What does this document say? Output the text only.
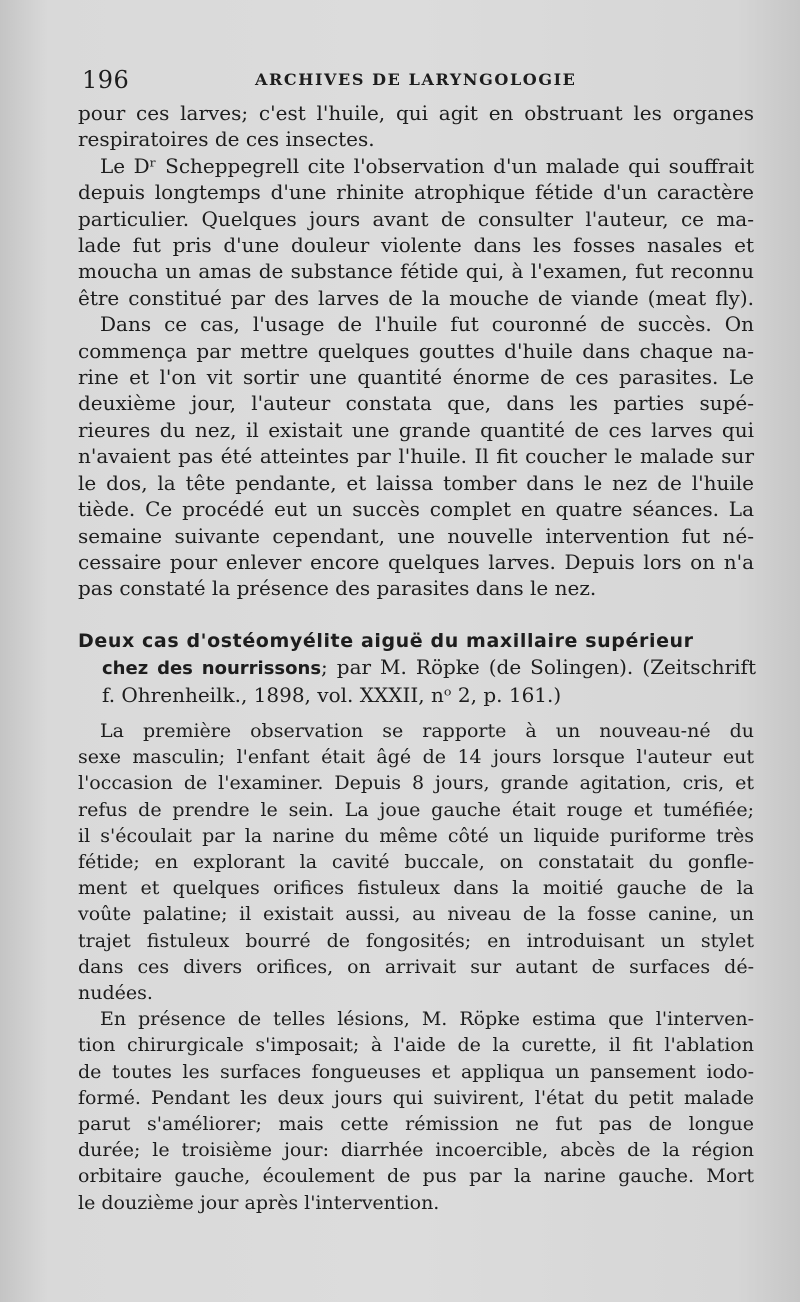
196	ARCHIVES DE LARYNGOLOGIE

pour ces larves; c'est l'huile, qui agit en obstruant les organes

respiratoires de ces insectes.

Le Dʳ Scheppegrell cite l'observation d'un malade qui souffrait

depuis longtemps d'une rhinite atrophique fétide d'un caractère

particulier. Quelques jours avant de consulter l'auteur, ce ma-

lade fut pris d'une douleur violente dans les fosses nasales et

moucha un amas de substance fétide qui, à l'examen, fut reconnu

être constitué par des larves de la mouche de viande (meat fly).

Dans ce cas, l'usage de l'huile fut couronné de succès. On

commença par mettre quelques gouttes d'huile dans chaque na-

rine et l'on vit sortir une quantité énorme de ces parasites. Le

deuxième jour, l'auteur constata que, dans les parties supé-

rieures du nez, il existait une grande quantité de ces larves qui

n'avaient pas été atteintes par l'huile. Il fit coucher le malade sur

le dos, la tête pendante, et laissa tomber dans le nez de l'huile

tiède. Ce procédé eut un succès complet en quatre séances. La

semaine suivante cependant, une nouvelle intervention fut né-

cessaire pour enlever encore quelques larves. Depuis lors on n'a

pas constaté la présence des parasites dans le nez.

Deux cas d'ostéomyélite aiguë du maxillaire supérieur

chez des nourrissons; par M. Röpke (de Solingen). (Zeitschrift

f. Ohrenheilk., 1898, vol. XXXII, nᵒ 2, p. 161.)

La première observation se rapporte à un nouveau-né du

sexe masculin; l'enfant était âgé de 14 jours lorsque l'auteur eut

l'occasion de l'examiner. Depuis 8 jours, grande agitation, cris, et

refus de prendre le sein. La joue gauche était rouge et tuméfiée;

il s'écoulait par la narine du même côté un liquide puriforme très

fétide; en explorant la cavité buccale, on constatait du gonfle-

ment et quelques orifices fistuleux dans la moitié gauche de la

voûte palatine; il existait aussi, au niveau de la fosse canine, un

trajet fistuleux bourré de fongosités; en introduisant un stylet

dans ces divers orifices, on arrivait sur autant de surfaces dé-

nudées.

En présence de telles lésions, M. Röpke estima que l'interven-

tion chirurgicale s'imposait; à l'aide de la curette, il fit l'ablation

de toutes les surfaces fongueuses et appliqua un pansement iodo-

formé. Pendant les deux jours qui suivirent, l'état du petit malade

parut s'améliorer; mais cette rémission ne fut pas de longue

durée; le troisième jour: diarrhée incoercible, abcès de la région

orbitaire gauche, écoulement de pus par la narine gauche. Mort

le douzième jour après l'intervention.
